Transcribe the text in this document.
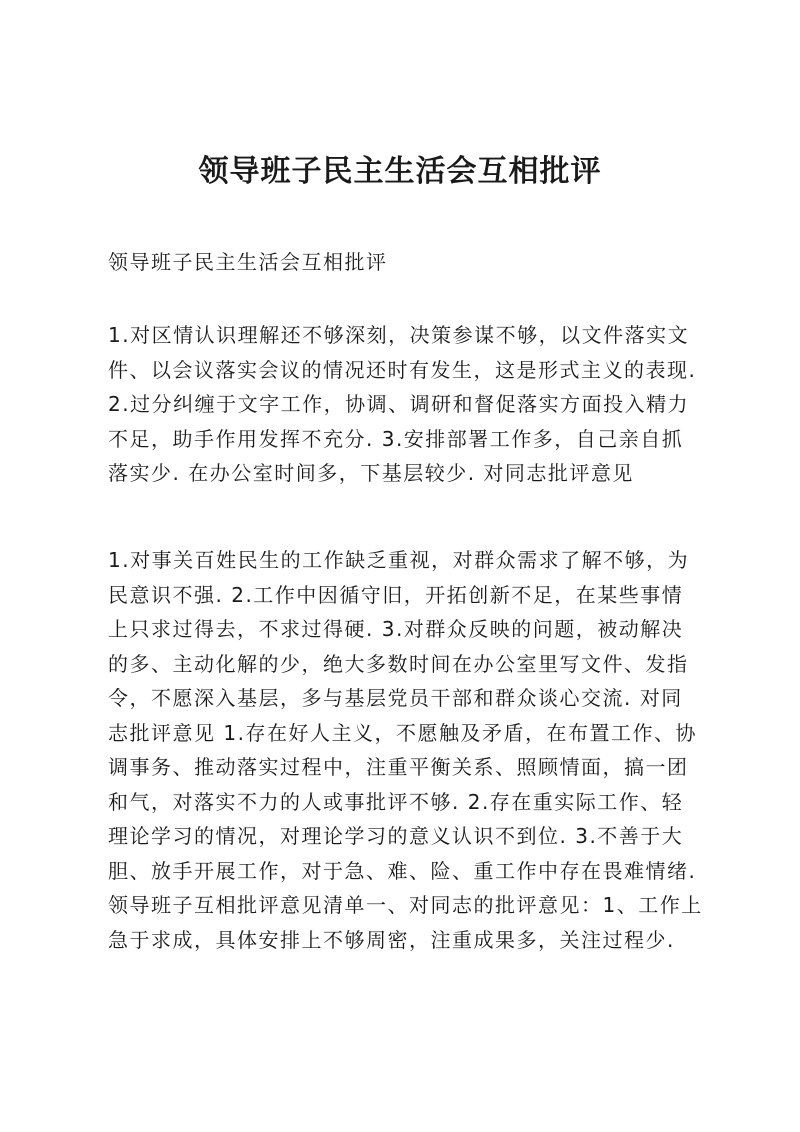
领导班子民主生活会互相批评

领导班子民主生活会互相批评

1.对区情认识理解还不够深刻，决策参谋不够，以文件落实文
件、以会议落实会议的情况还时有发生，这是形式主义的表现.
2.过分纠缠于文字工作，协调、调研和督促落实方面投入精力
不足，助手作用发挥不充分. 3.安排部署工作多，自己亲自抓
落实少. 在办公室时间多，下基层较少. 对同志批评意见
1.对事关百姓民生的工作缺乏重视，对群众需求了解不够，为
民意识不强. 2.工作中因循守旧，开拓创新不足，在某些事情
上只求过得去，不求过得硬. 3.对群众反映的问题，被动解决
的多、主动化解的少，绝大多数时间在办公室里写文件、发指
令，不愿深入基层，多与基层党员干部和群众谈心交流. 对同
志批评意见 1.存在好人主义，不愿触及矛盾，在布置工作、协
调事务、推动落实过程中，注重平衡关系、照顾情面，搞一团
和气，对落实不力的人或事批评不够. 2.存在重实际工作、轻
理论学习的情况，对理论学习的意义认识不到位. 3.不善于大
胆、放手开展工作，对于急、难、险、重工作中存在畏难情绪.
领导班子互相批评意见清单一、对同志的批评意见：1、工作上
急于求成，具体安排上不够周密，注重成果多，关注过程少.
